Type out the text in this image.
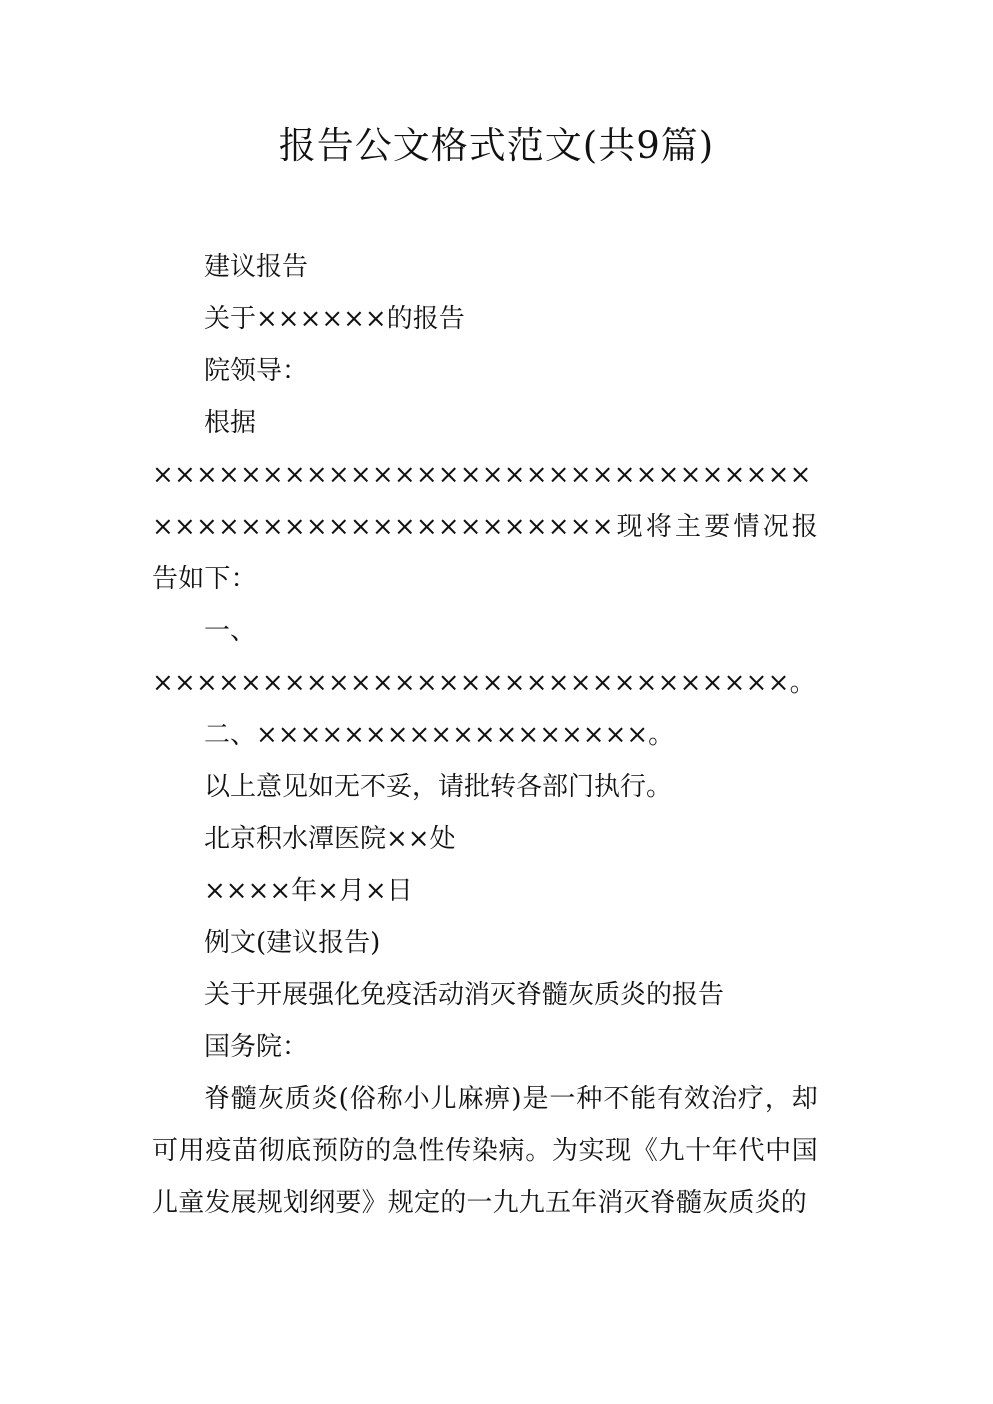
报告公文格式范文(共9篇)

建议报告

关于××××××的报告

院领导：

根据

×××××××××××××××××××××××××××××××××××××××××××××××××××现将主要情况报告如下：

一、

×××××××××××××××××××××××××××××。

二、××××××××××××××××××。

以上意见如无不妥，请批转各部门执行。

北京积水潭医院××处

××××年×月×日

例文(建议报告)

关于开展强化免疫活动消灭脊髓灰质炎的报告

国务院：

脊髓灰质炎(俗称小儿麻痹)是一种不能有效治疗，却可用疫苗彻底预防的急性传染病。为实现《九十年代中国儿童发展规划纲要》规定的一九九五年消灭脊髓灰质炎的
